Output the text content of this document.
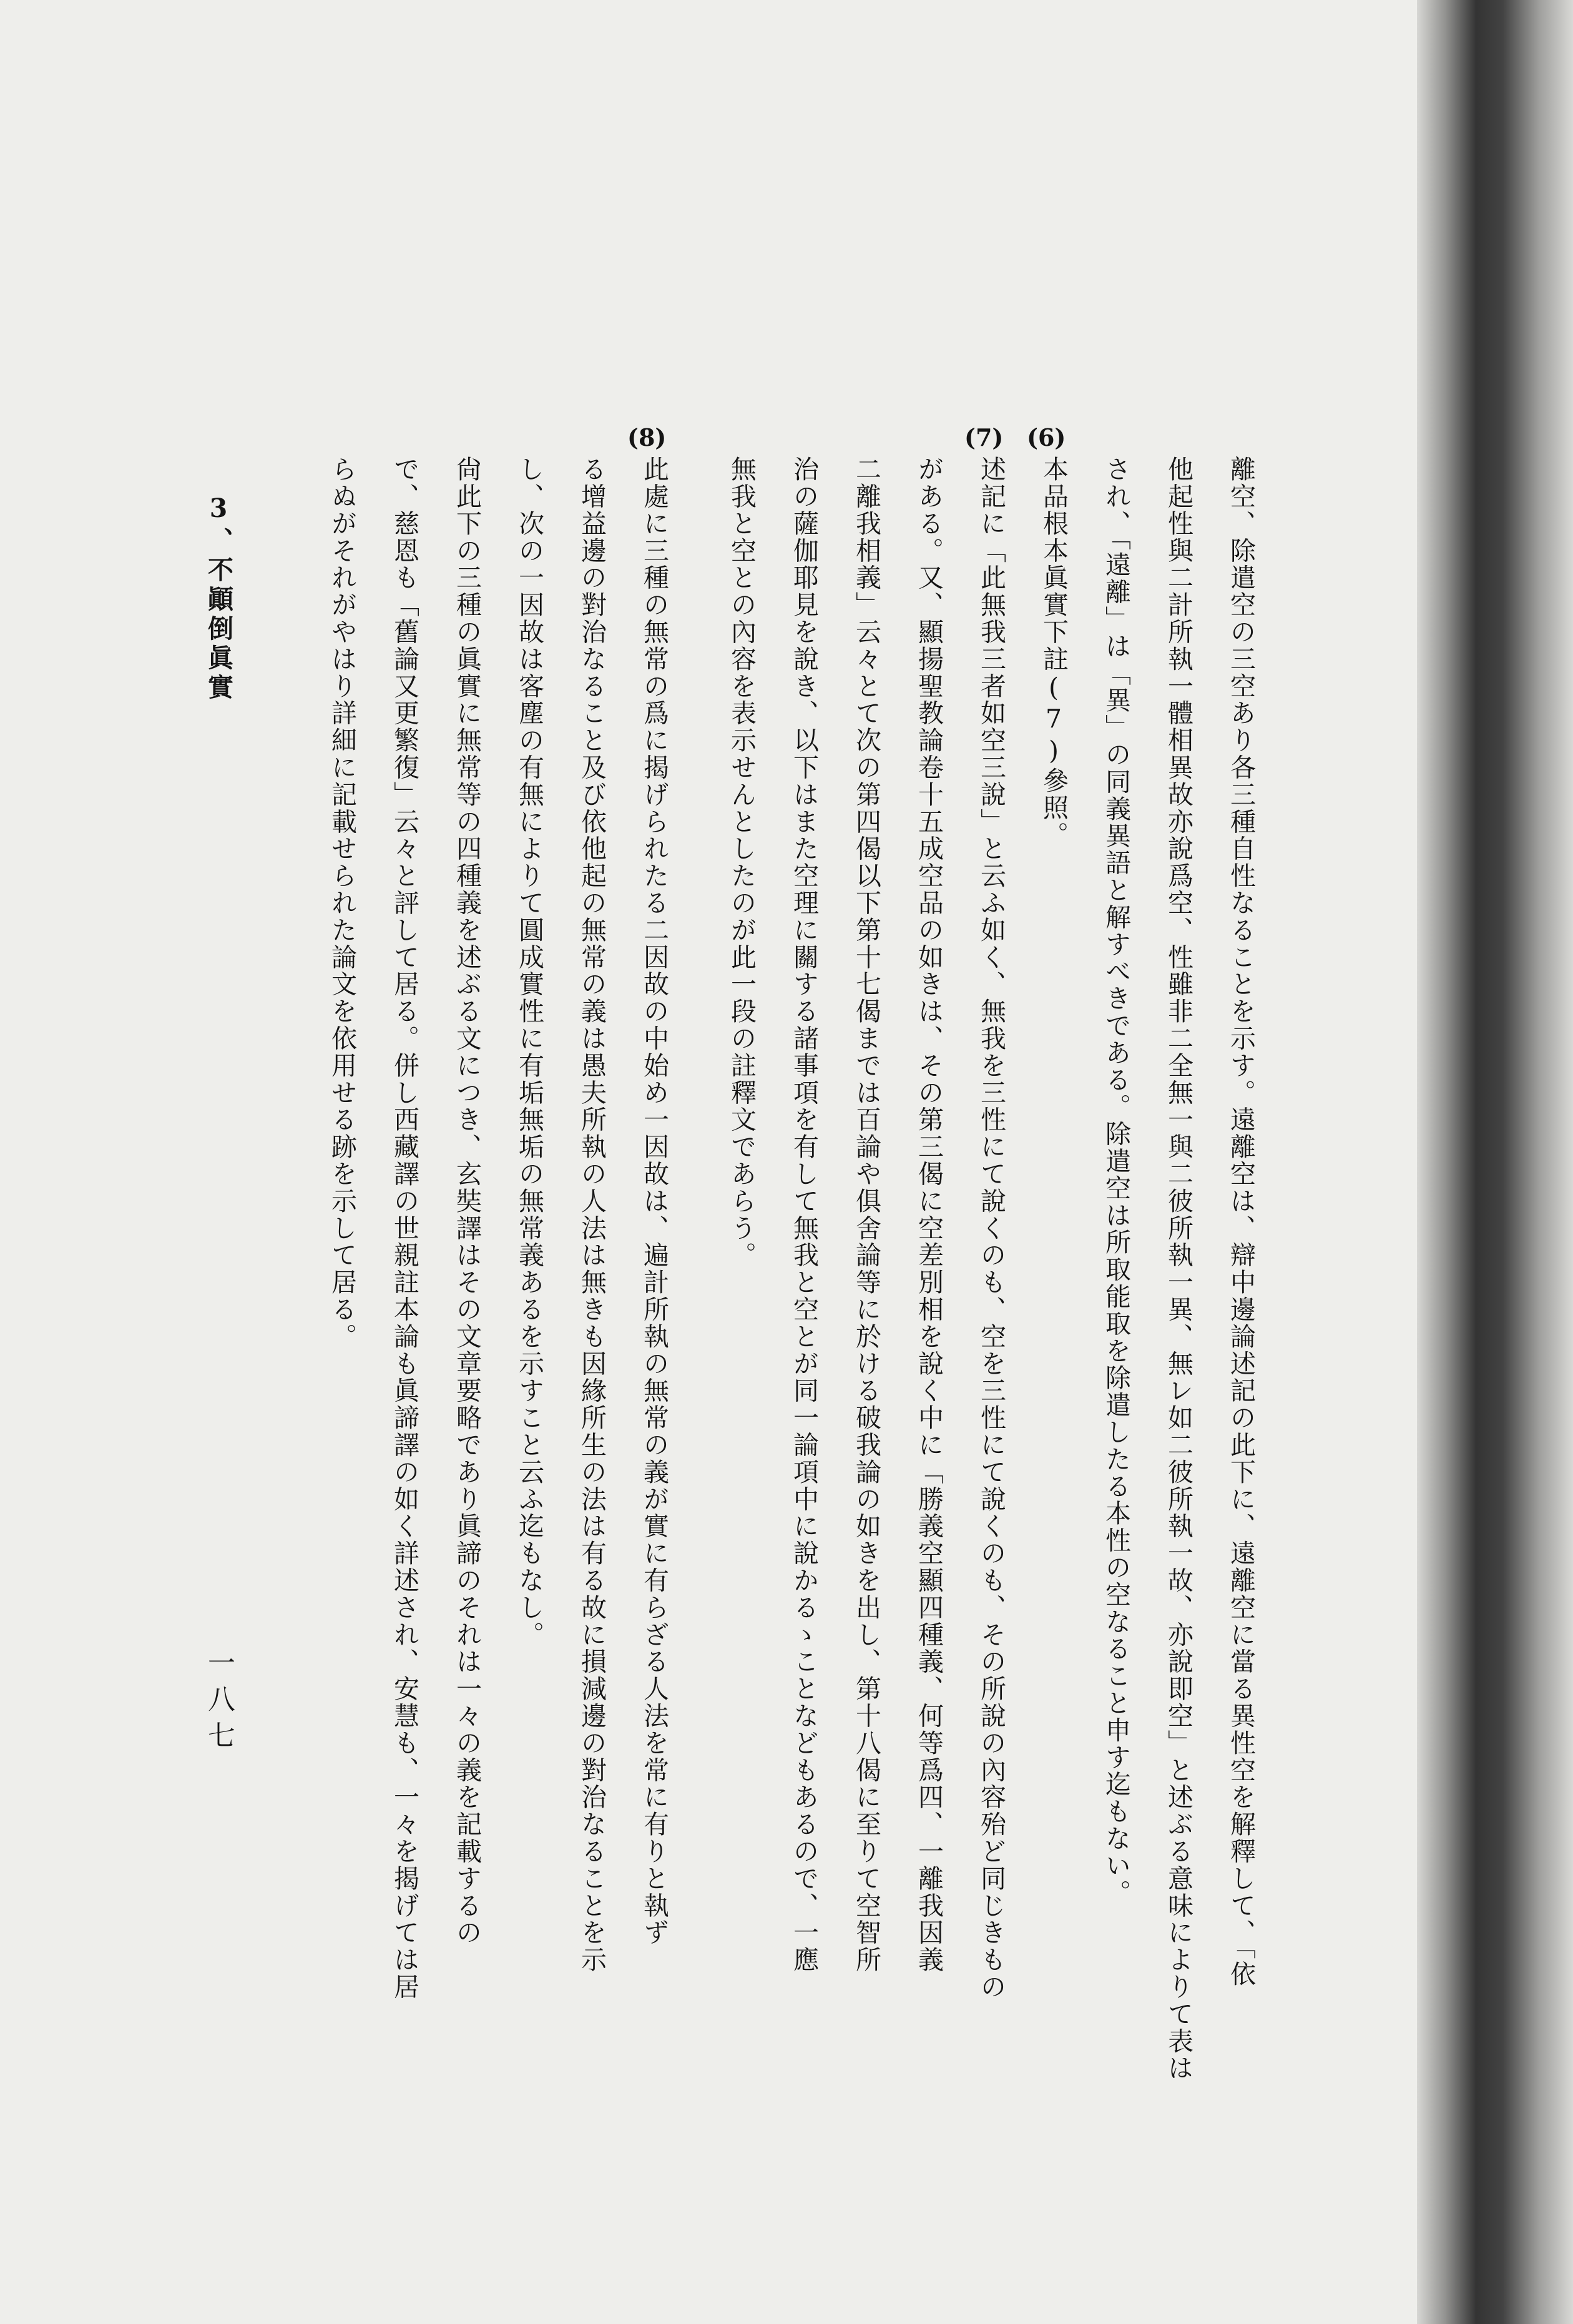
離空、除遣空の三空あり各三種自性なることを示す。遠離空は、辯中邊論述記の此下に、遠離空に當る異性空を解釋して、「依
他起性與二計所執一體相異故亦說爲空、性雖非二全無一與二彼所執一異、無レ如二彼所執一故、亦說即空」と述ぶる意味によりて表は
され、「遠離」は「異」の同義異語と解すべきである。除遣空は所取能取を除遣したる本性の空なること申す迄もない。
(6)
本品根本眞實下註(7)參照。
(7)
述記に「此無我三者如空三說」と云ふ如く、無我を三性にて說くのも、空を三性にて說くのも、その所說の內容殆ど同じきもの
がある。又、顯揚聖教論卷十五成空品の如きは、その第三偈に空差別相を說く中に「勝義空顯四種義、何等爲四、一離我因義
二離我相義」云々とて次の第四偈以下第十七偈までは百論や俱舍論等に於ける破我論の如きを出し、第十八偈に至りて空智所
治の薩伽耶見を說き、以下はまた空理に關する諸事項を有して無我と空とが同一論項中に說かるゝことなどもあるので、一應
無我と空との內容を表示せんとしたのが此一段の註釋文であらう。
(8)
此處に三種の無常の爲に揭げられたる二因故の中始め一因故は、遍計所執の無常の義が實に有らざる人法を常に有りと執ず
る增益邊の對治なること及び依他起の無常の義は愚夫所執の人法は無きも因緣所生の法は有る故に損減邊の對治なることを示
し、次の一因故は客塵の有無によりて圓成實性に有垢無垢の無常義あるを示すこと云ふ迄もなし。
尙此下の三種の眞實に無常等の四種義を述ぶる文につき、玄奘譯はその文章要略であり眞諦のそれは一々の義を記載するの
で、慈恩も「舊論又更繁復」云々と評して居る。併し西藏譯の世親註本論も眞諦譯の如く詳述され、安慧も、一々を揭げては居
らぬがそれがやはり詳細に記載せられた論文を依用せる跡を示して居る。
3、不顚倒眞實
一八七
